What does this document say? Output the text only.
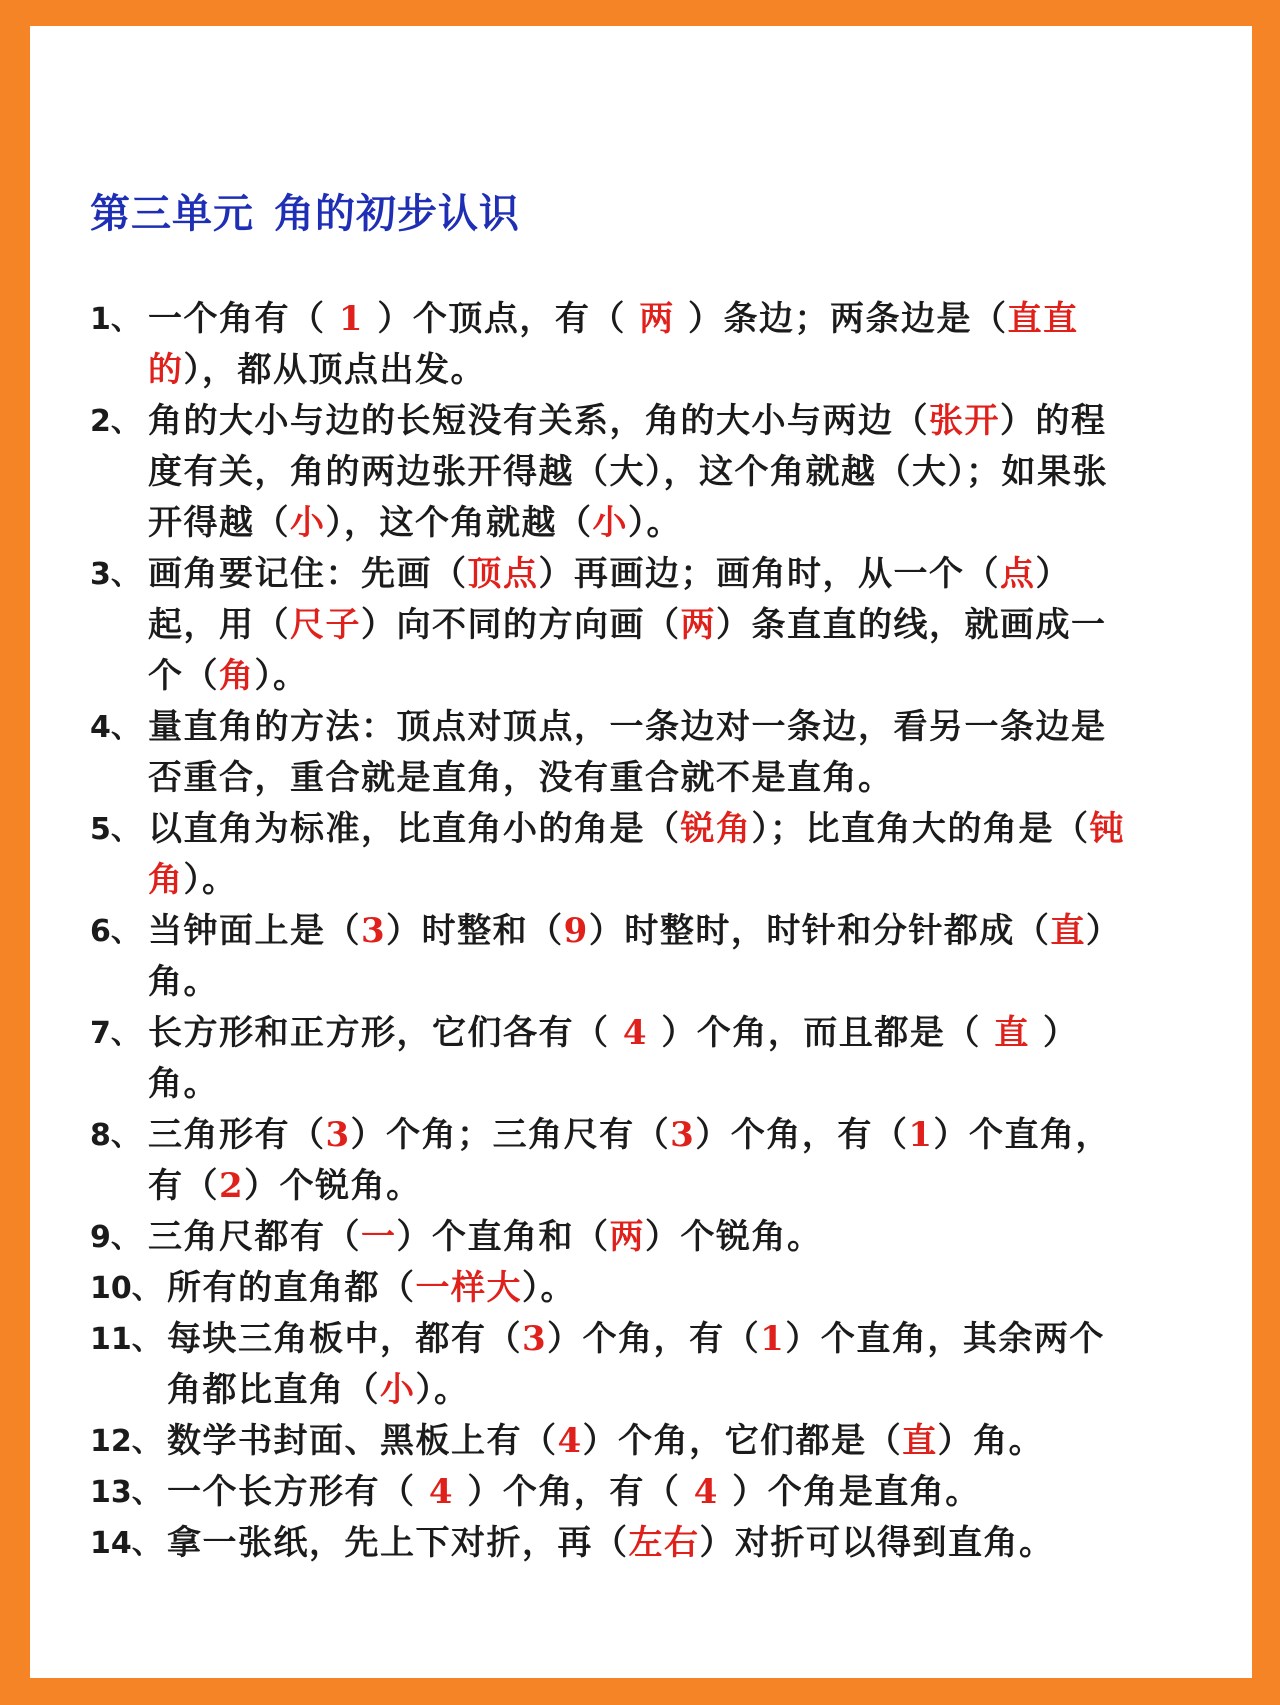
第三单元 角的初步认识
1、 一个角有（ 1 ）个顶点，有（ 两 ）条边；两条边是（直直的），都从顶点出发。
2、 角的大小与边的长短没有关系，角的大小与两边（张开）的程度有关，角的两边张开得越（大），这个角就越（大）；如果张开得越（小），这个角就越（小）。
3、 画角要记住：先画（顶点）再画边；画角时，从一个（点）起，用（尺子）向不同的方向画（两）条直直的线，就画成一个（角）。
4、 量直角的方法：顶点对顶点，一条边对一条边，看另一条边是否重合，重合就是直角，没有重合就不是直角。
5、 以直角为标准，比直角小的角是（锐角）；比直角大的角是（钝角）。
6、 当钟面上是（3）时整和（9）时整时，时针和分针都成（直）角。
7、 长方形和正方形，它们各有（ 4 ）个角，而且都是（ 直 ）角。
8、 三角形有（3）个角；三角尺有（3）个角，有（1）个直角，有（2）个锐角。
9、 三角尺都有（一）个直角和（两）个锐角。
10、 所有的直角都（一样大）。
11、 每块三角板中，都有（3）个角，有（1）个直角，其余两个角都比直角（小）。
12、 数学书封面、黑板上有（4）个角，它们都是（直）角。
13、 一个长方形有（ 4 ）个角，有（ 4 ）个角是直角。
14、 拿一张纸，先上下对折，再（左右）对折可以得到直角。
